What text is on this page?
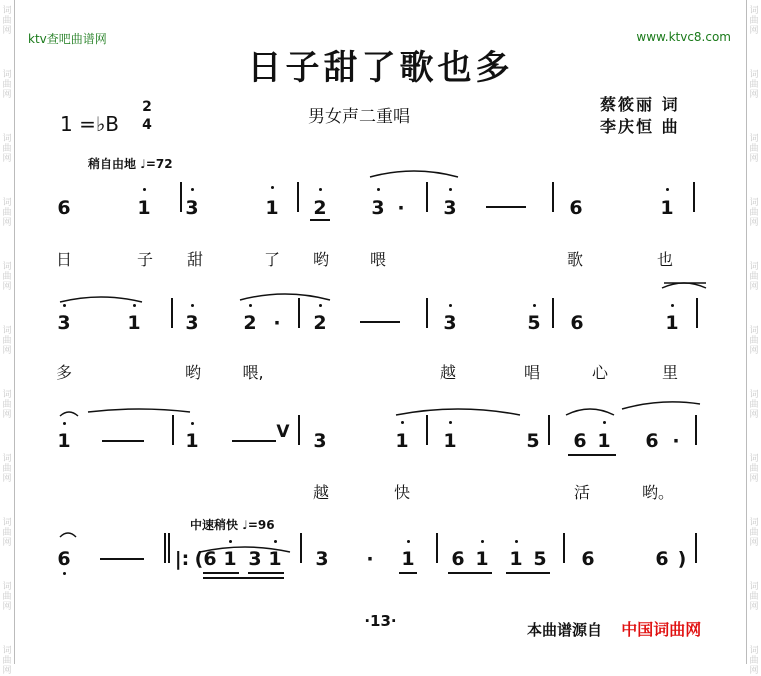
词
曲
网
词
曲
网
词
曲
网
词
曲
网
词
曲
网
词
曲
网
词
曲
网
词
曲
网
词
曲
网
词
曲
网
词
曲
网
词
曲
网
词
曲
网
词
曲
网
词
曲
网
词
曲
网
词
曲
网
词
曲
网
词
曲
网
词
曲
网
词
曲
网
词
曲
网
ktv查吧曲谱网	www.ktvc8.com
日子甜了歌也多
1 =♭B
2
4	男女声二重唱
蔡筱丽 词
李庆恒 曲
稍自由地 ♩=72
中速稍快 ♩=96
6	1 3	1 2 3 · 3	6	1
日	子 甜	了 哟	喂	歌	也
3	1 3 2 · 2	3	5 6	1
多	哟	喂,	越	唱	心	里
1	1	V 3	1 1	5 6 1 6 ·
越	快	活	哟。
6	|: ( 6 1 3 1 3 · 1 6 1 1 5 6	6 )
·13·	本曲谱源自 中国词曲网
